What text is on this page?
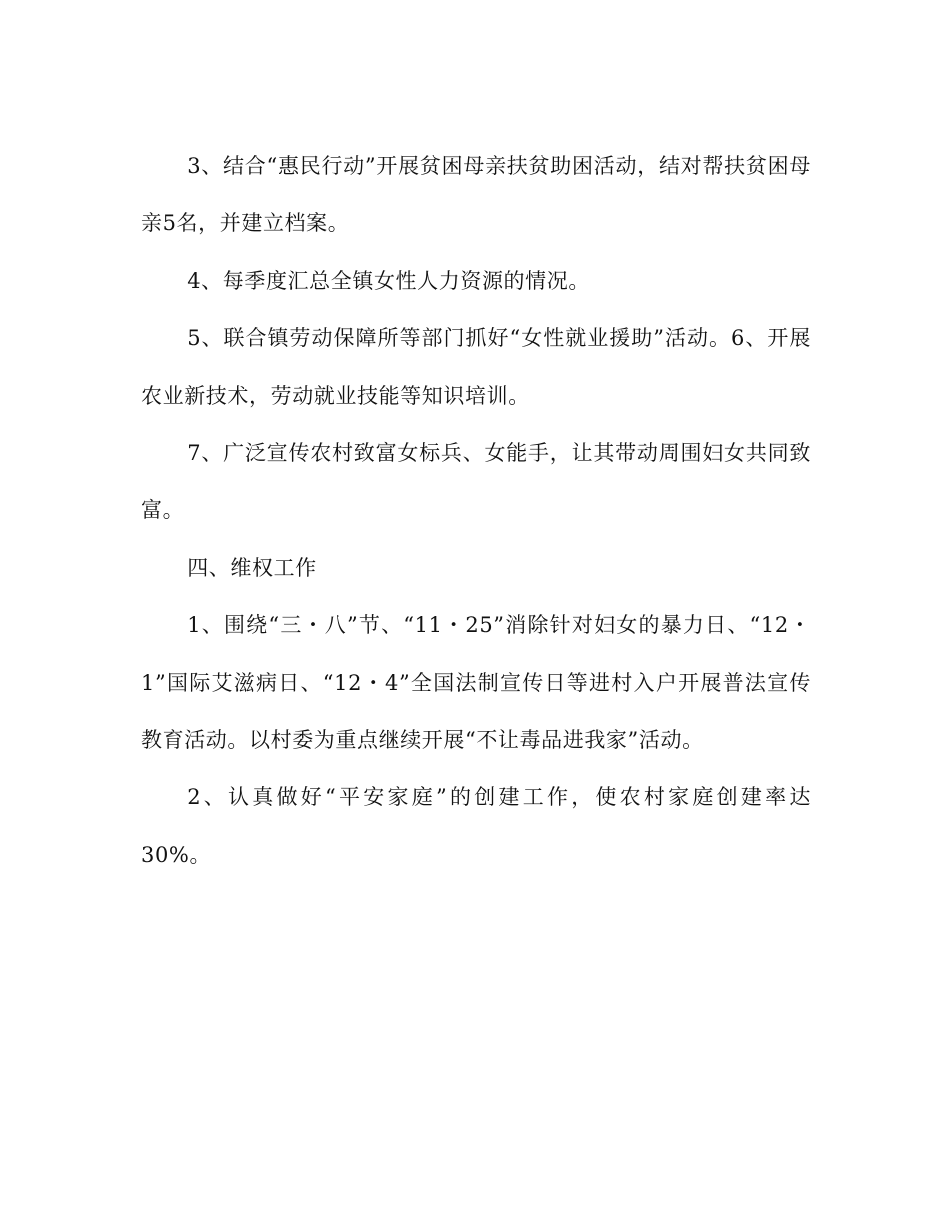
3、结合“惠民行动”开展贫困母亲扶贫助困活动，结对帮扶贫困母亲5名，并建立档案。

4、每季度汇总全镇女性人力资源的情况。

5、联合镇劳动保障所等部门抓好“女性就业援助”活动。6、开展农业新技术，劳动就业技能等知识培训。

7、广泛宣传农村致富女标兵、女能手，让其带动周围妇女共同致富。

四、维权工作

1、围绕“三・八”节、“11・25”消除针对妇女的暴力日、“12・1”国际艾滋病日、“12・4”全国法制宣传日等进村入户开展普法宣传教育活动。以村委为重点继续开展“不让毒品进我家”活动。

2、认真做好“平安家庭”的创建工作，使农村家庭创建率达30%。
